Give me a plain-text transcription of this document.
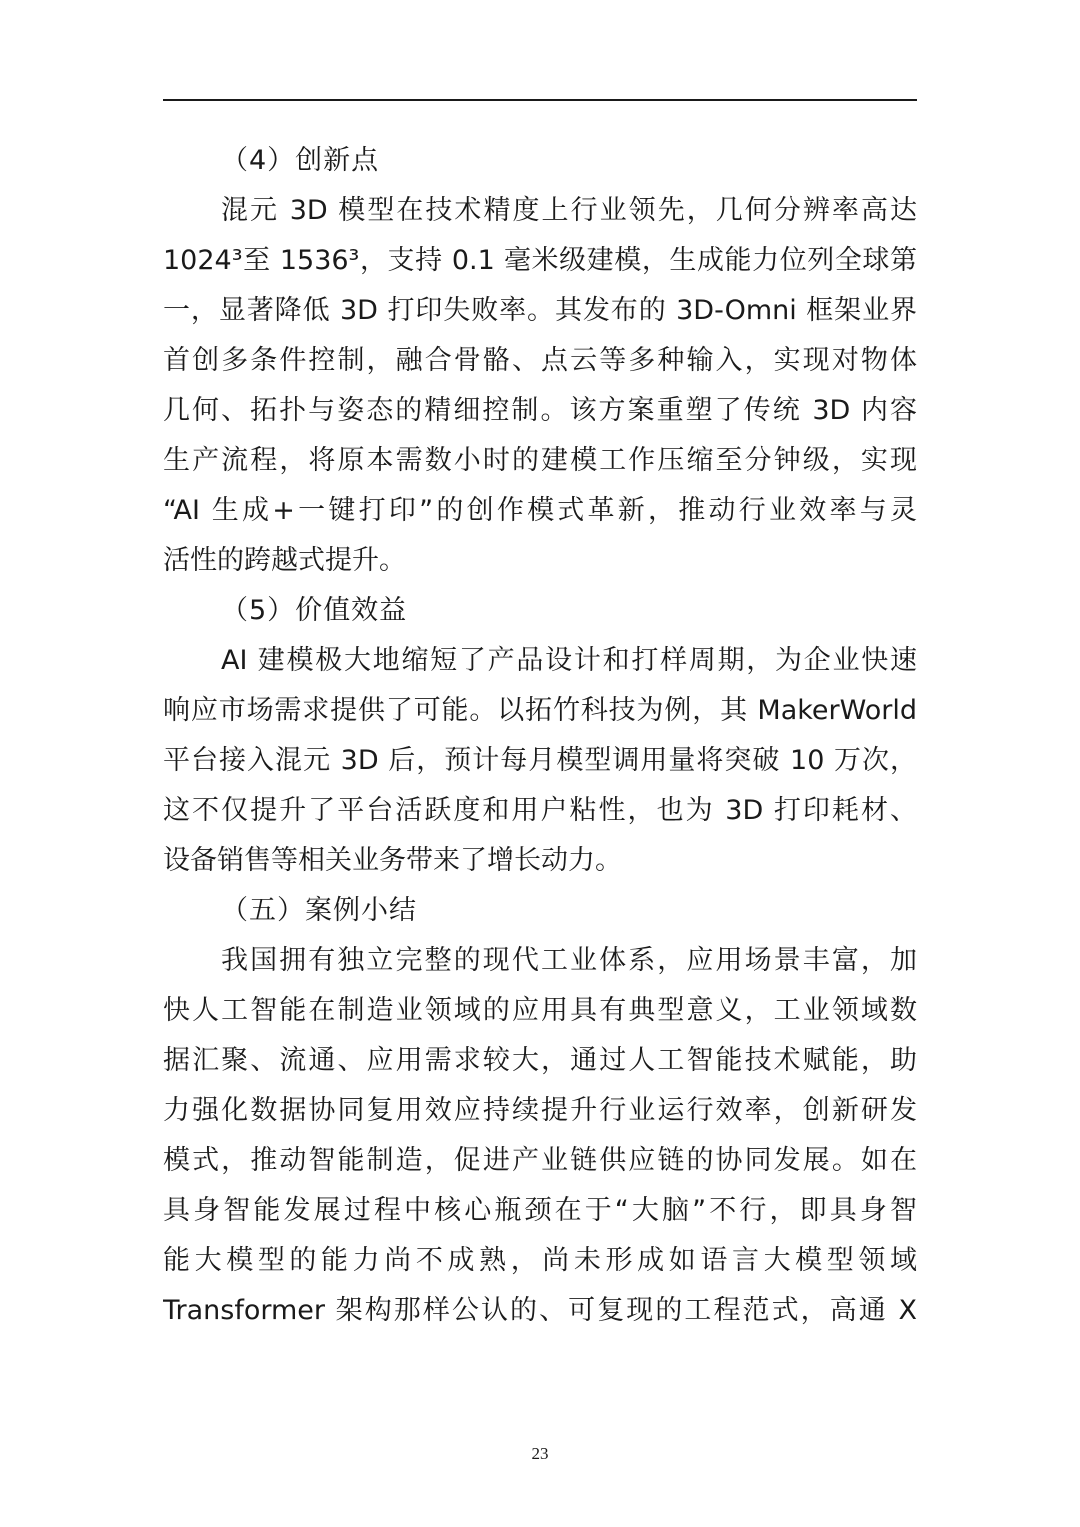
（4）创新点

混元 3D 模型在技术精度上行业领先，几何分辨率高达

1024³至 1536³，支持 0.1 毫米级建模，生成能力位列全球第

一，显著降低 3D 打印失败率。其发布的 3D-Omni 框架业界

首创多条件控制，融合骨骼、点云等多种输入，实现对物体

几何、拓扑与姿态的精细控制。该方案重塑了传统 3D 内容

生产流程，将原本需数小时的建模工作压缩至分钟级，实现

“AI 生成+一键打印”的创作模式革新，推动行业效率与灵

活性的跨越式提升。

（5）价值效益

AI 建模极大地缩短了产品设计和打样周期，为企业快速

响应市场需求提供了可能。以拓竹科技为例，其 MakerWorld

平台接入混元 3D 后，预计每月模型调用量将突破 10 万次，

这不仅提升了平台活跃度和用户粘性，也为 3D 打印耗材、

设备销售等相关业务带来了增长动力。

（五）案例小结

我国拥有独立完整的现代工业体系，应用场景丰富，加

快人工智能在制造业领域的应用具有典型意义，工业领域数

据汇聚、流通、应用需求较大，通过人工智能技术赋能，助

力强化数据协同复用效应持续提升行业运行效率，创新研发

模式，推动智能制造，促进产业链供应链的协同发展。如在

具身智能发展过程中核心瓶颈在于“大脑”不行，即具身智

能大模型的能力尚不成熟，尚未形成如语言大模型领域

Transformer 架构那样公认的、可复现的工程范式，高通 X

23
